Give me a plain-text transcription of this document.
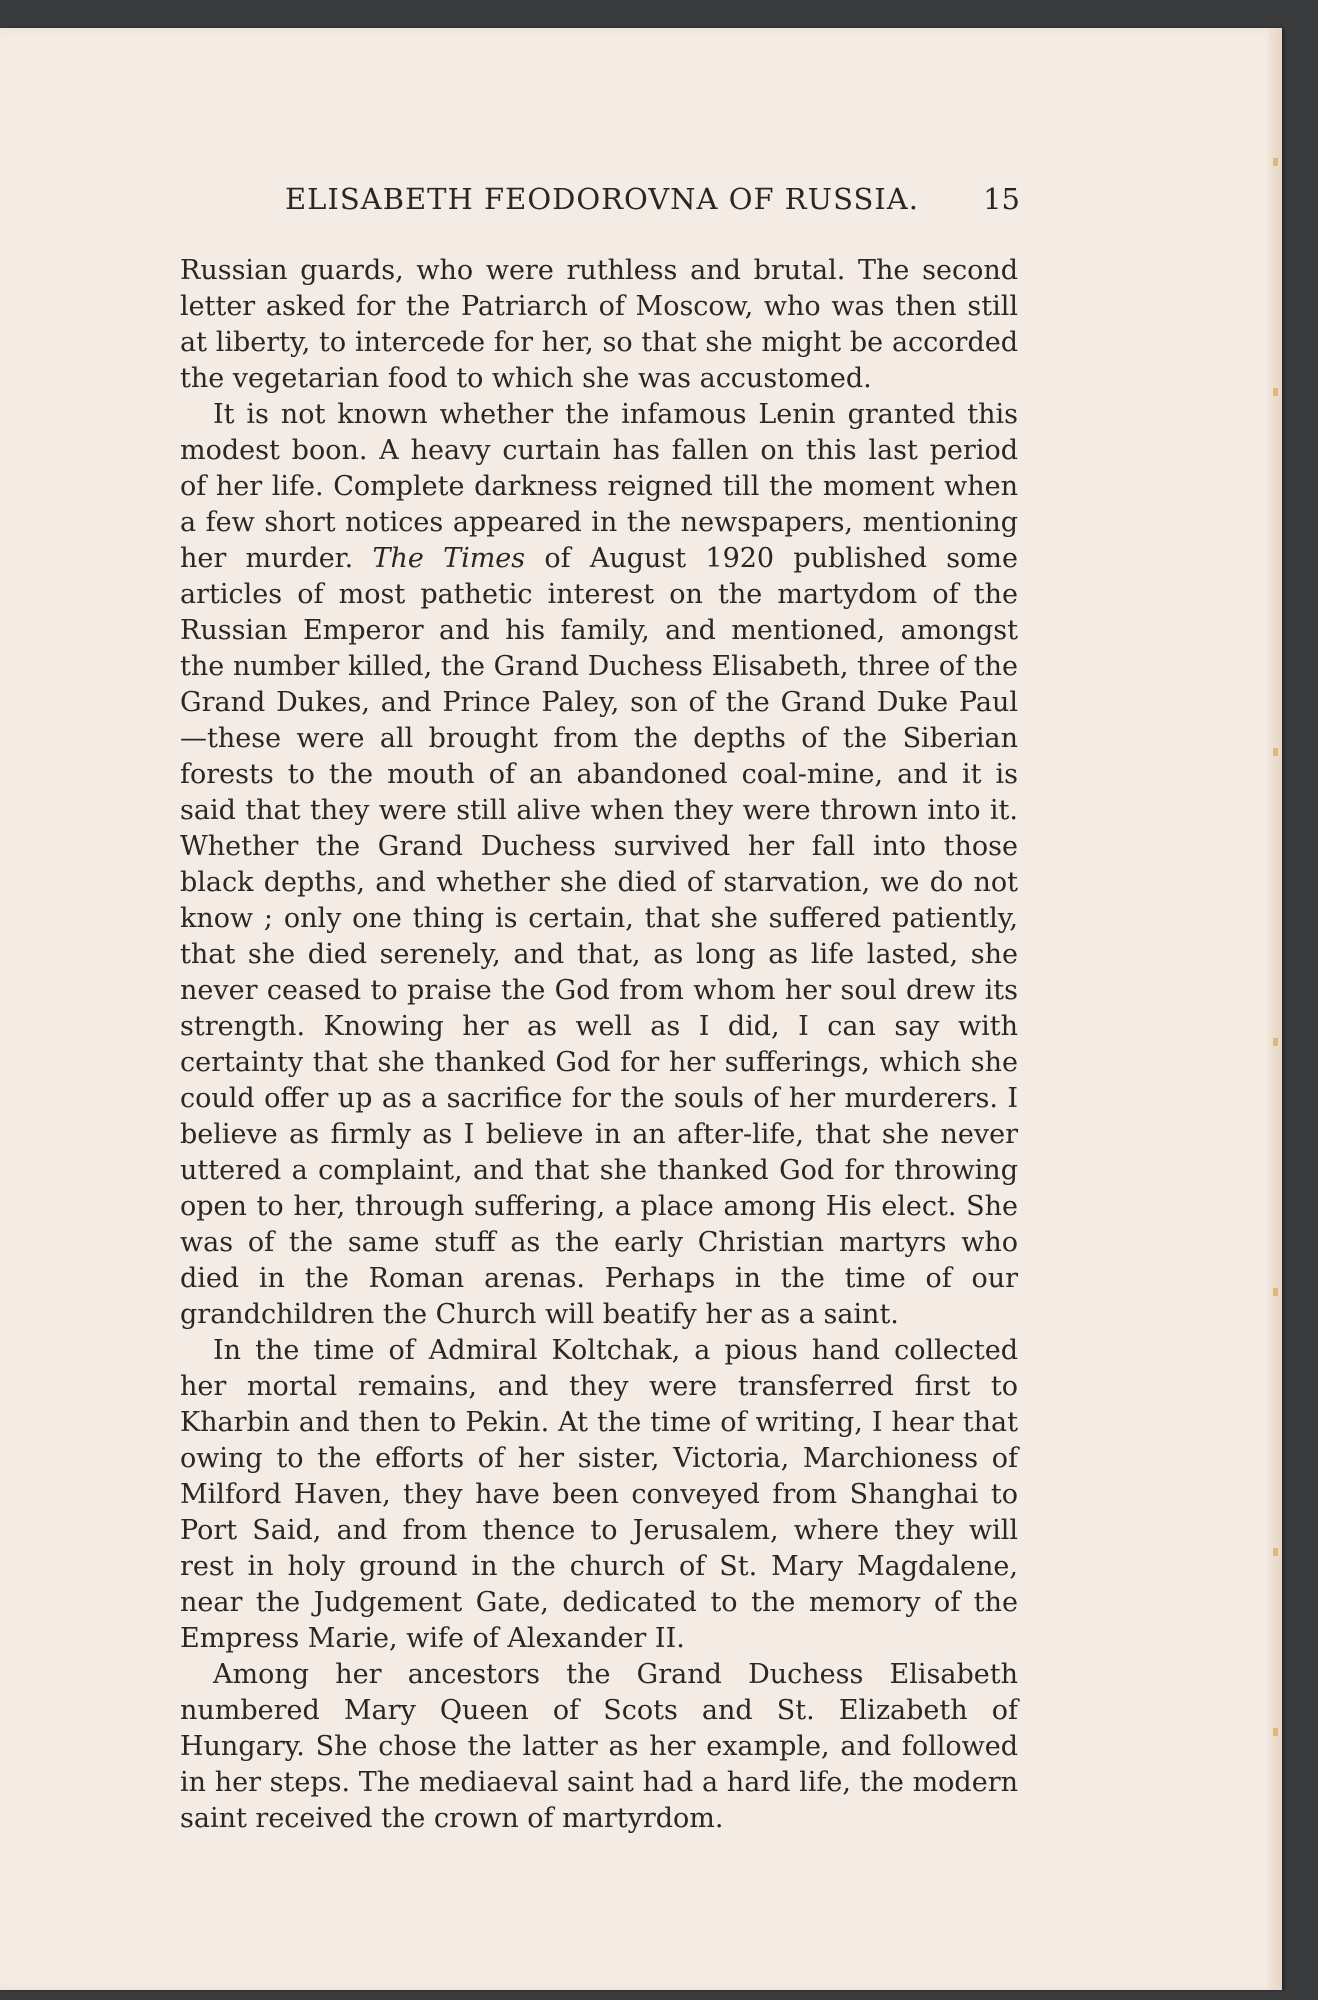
ELISABETH FEODOROVNA OF RUSSIA. 15

Russian guards, who were ruthless and brutal. The second letter asked for the Patriarch of Moscow, who was then still at liberty, to intercede for her, so that she might be accorded the vegetarian food to which she was accustomed.

It is not known whether the infamous Lenin granted this modest boon. A heavy curtain has fallen on this last period of her life. Complete darkness reigned till the moment when a few short notices appeared in the newspapers, mentioning her murder. The Times of August 1920 published some articles of most pathetic interest on the martydom of the Russian Emperor and his family, and mentioned, amongst the number killed, the Grand Duchess Elisabeth, three of the Grand Dukes, and Prince Paley, son of the Grand Duke Paul—these were all brought from the depths of the Siberian forests to the mouth of an abandoned coal-mine, and it is said that they were still alive when they were thrown into it. Whether the Grand Duchess survived her fall into those black depths, and whether she died of starvation, we do not know ; only one thing is certain, that she suffered patiently, that she died serenely, and that, as long as life lasted, she never ceased to praise the God from whom her soul drew its strength. Knowing her as well as I did, I can say with certainty that she thanked God for her sufferings, which she could offer up as a sacrifice for the souls of her murderers. I believe as firmly as I believe in an after-life, that she never uttered a complaint, and that she thanked God for throwing open to her, through suffering, a place among His elect. She was of the same stuff as the early Christian martyrs who died in the Roman arenas. Perhaps in the time of our grandchildren the Church will beatify her as a saint.

In the time of Admiral Koltchak, a pious hand collected her mortal remains, and they were transferred first to Kharbin and then to Pekin. At the time of writing, I hear that owing to the efforts of her sister, Victoria, Marchioness of Milford Haven, they have been conveyed from Shanghai to Port Said, and from thence to Jerusalem, where they will rest in holy ground in the church of St. Mary Magdalene, near the Judgement Gate, dedicated to the memory of the Empress Marie, wife of Alexander II.

Among her ancestors the Grand Duchess Elisabeth numbered Mary Queen of Scots and St. Elizabeth of Hungary. She chose the latter as her example, and followed in her steps. The mediaeval saint had a hard life, the modern saint received the crown of martyrdom.
